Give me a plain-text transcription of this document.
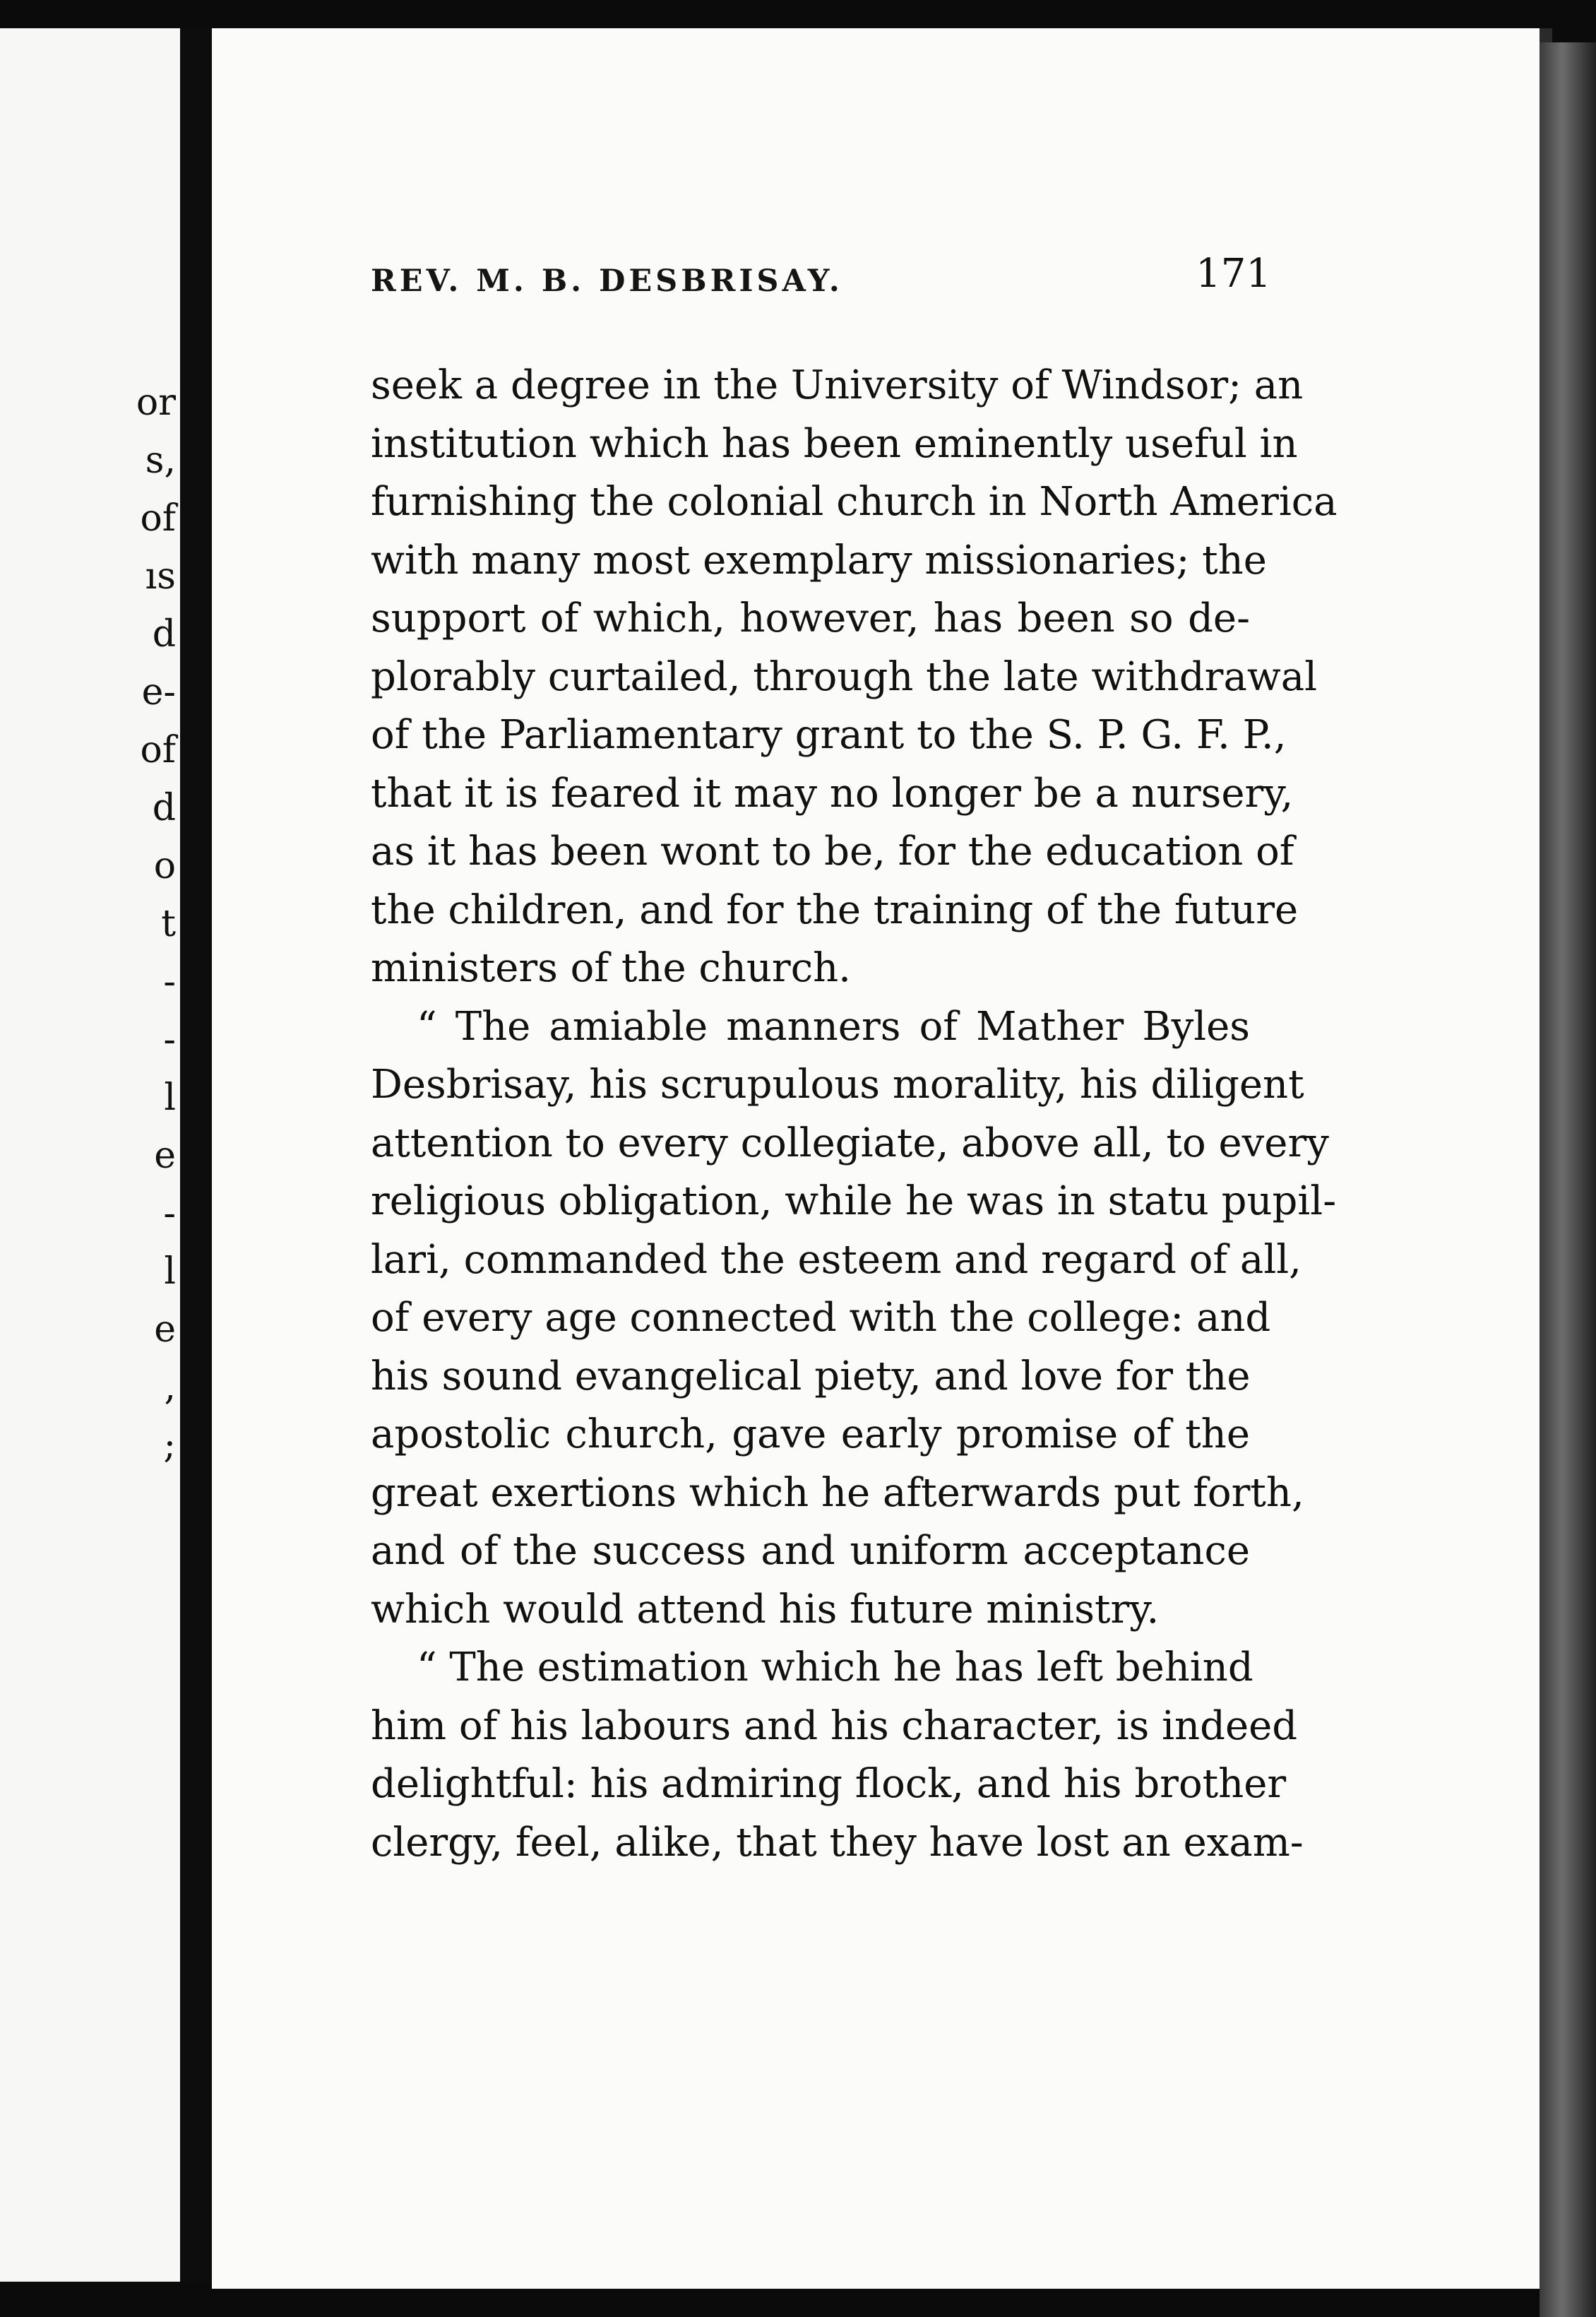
or
s,
of
ıs
d
e-
of
d
o
t
-
-
l
e
-
l
e
,
;
REV. M. B. DESBRISAY.	171
seek a degree in the University of Windsor; an
institution which has been eminently useful in
furnishing the colonial church in North America
with many most exemplary missionaries; the
support of which, however, has been so de-
plorably curtailed, through the late withdrawal
of the Parliamentary grant to the S. P. G. F. P.,
that it is feared it may no longer be a nursery,
as it has been wont to be, for the education of
the children, and for the training of the future
ministers of the church.
“ The amiable manners of Mather Byles
Desbrisay, his scrupulous morality, his diligent
attention to every collegiate, above all, to every
religious obligation, while he was in statu pupil-
lari, commanded the esteem and regard of all,
of every age connected with the college: and
his sound evangelical piety, and love for the
apostolic church, gave early promise of the
great exertions which he afterwards put forth,
and of the success and uniform acceptance
which would attend his future ministry.
“ The estimation which he has left behind
him of his labours and his character, is indeed
delightful: his admiring flock, and his brother
clergy, feel, alike, that they have lost an exam-
